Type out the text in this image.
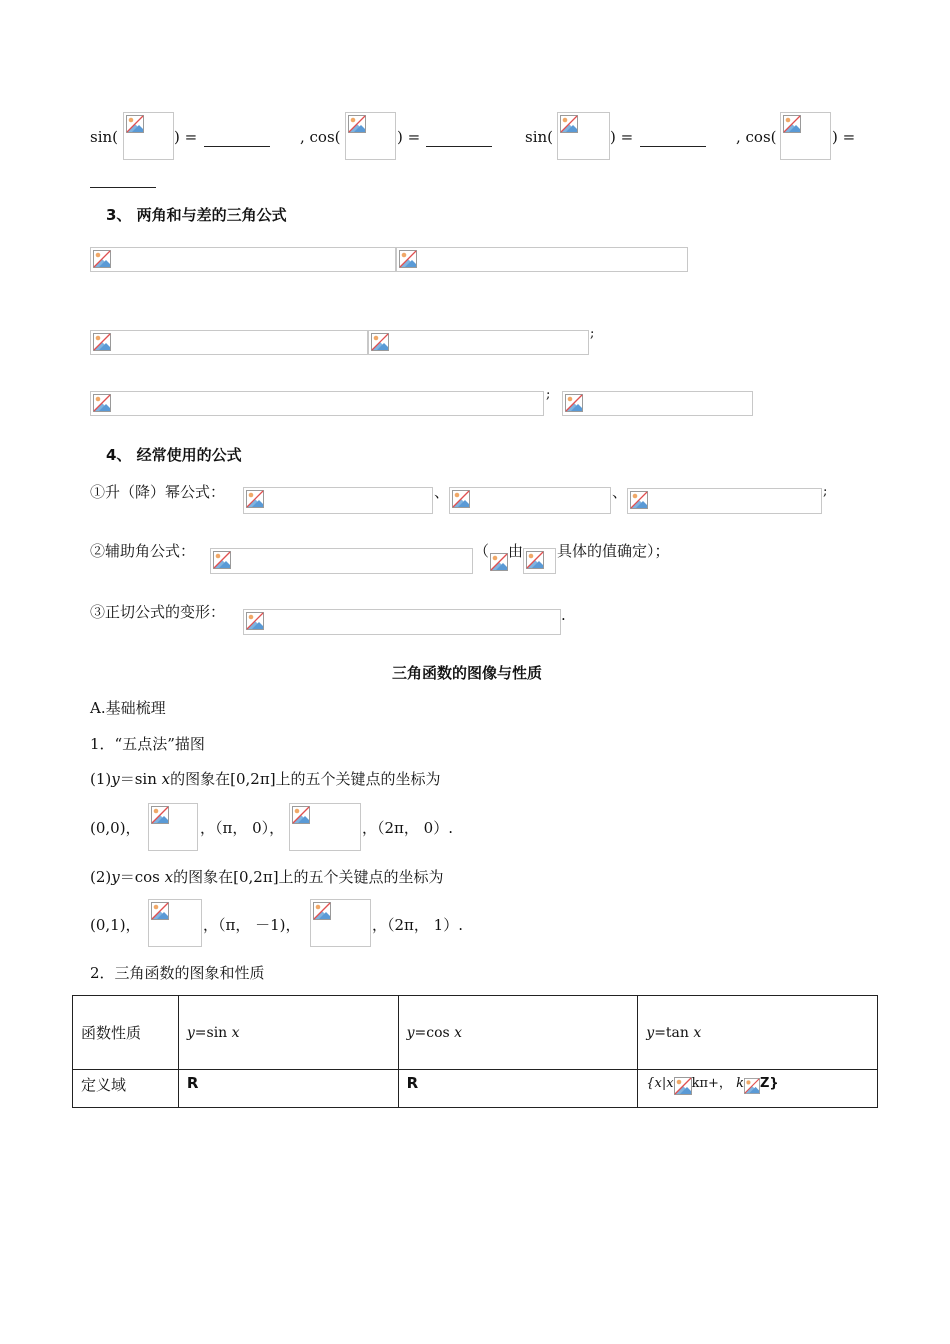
sin(	) =	, cos(	) =	sin(	) =	, cos(	) =
3、 两角和与差的三角公式
;
;
4、 经常使用的公式
①升（降）幂公式：	、	、	;
②辅助角公式：	（ 由 具体的值确定）；
③正切公式的变形：	.
三角函数的图像与性质
A.基础梳理
1．“五点法”描图
(1)y＝sin x的图象在[0,2π]上的五个关键点的坐标为
(0,0)，	，（π， 0），	，（2π， 0）.
(2)y＝cos x的图象在[0,2π]上的五个关键点的坐标为
(0,1)，	，（π， －1)，	，（2π， 1）.
2．三角函数的图象和性质
函数性质	y=sin x	y=cos x	y=tan x
定义域	R	R	{x|x kπ+， k Z}
